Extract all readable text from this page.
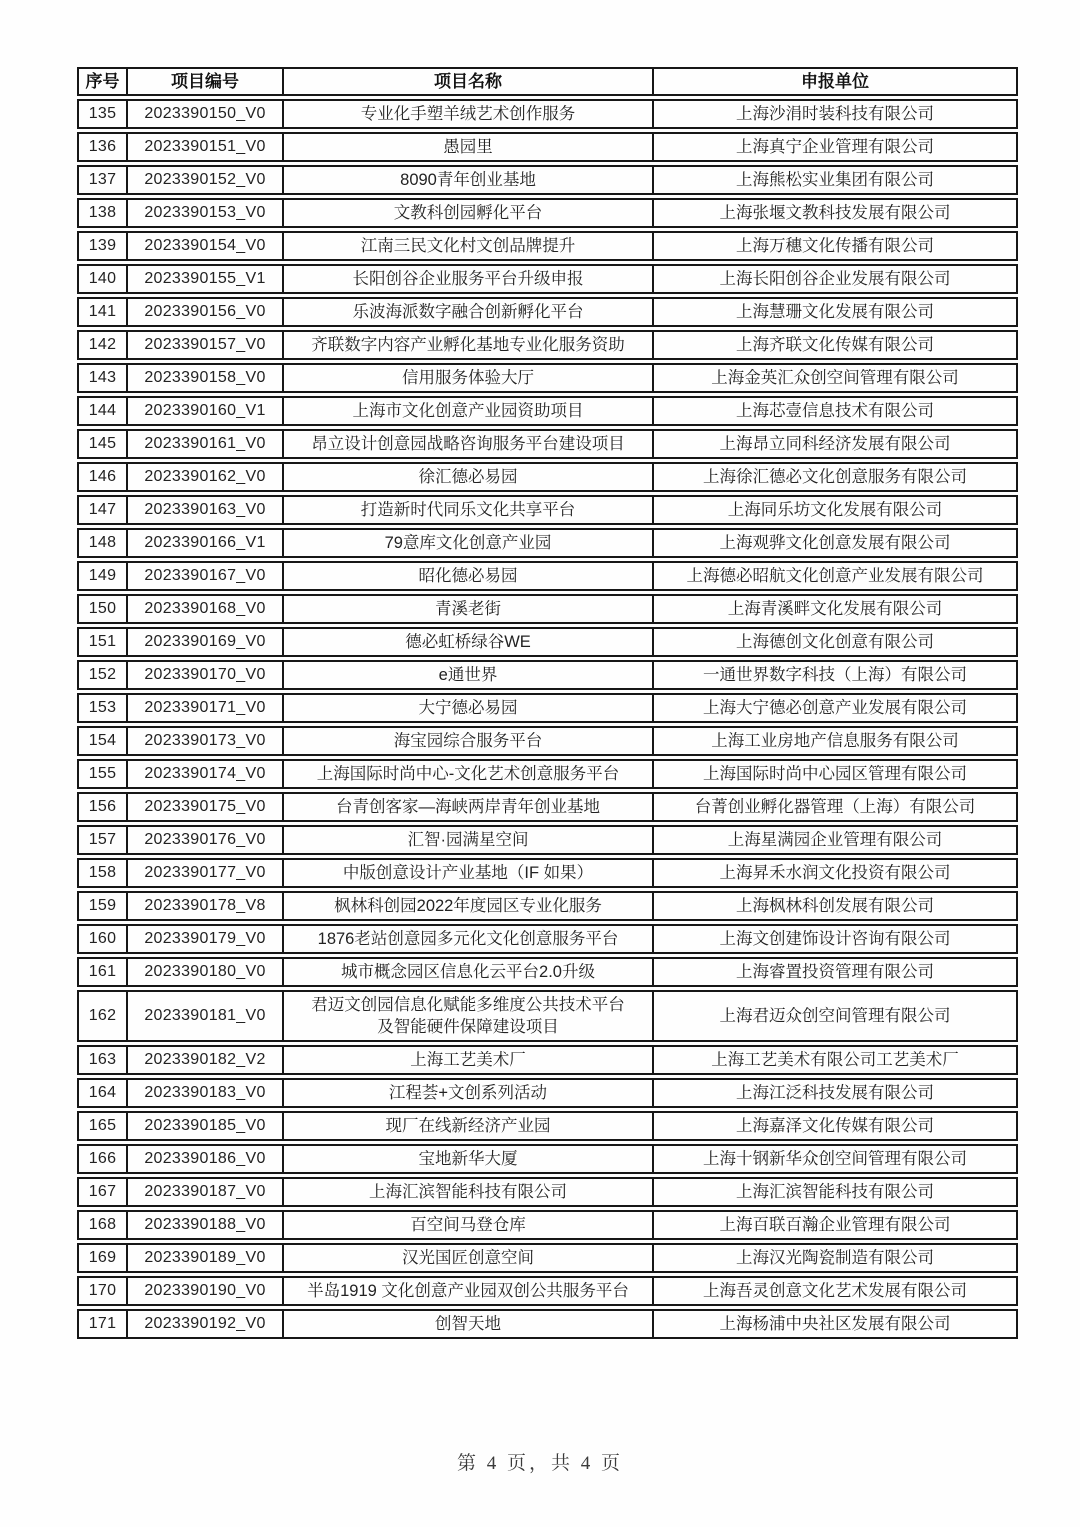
序号	项目编号	项目名称	申报单位
135	2023390150_V0	专业化手塑羊绒艺术创作服务	上海沙涓时装科技有限公司
136	2023390151_V0	愚园里	上海真宁企业管理有限公司
137	2023390152_V0	8090青年创业基地	上海熊松实业集团有限公司
138	2023390153_V0	文教科创园孵化平台	上海张堰文教科技发展有限公司
139	2023390154_V0	江南三民文化村文创品牌提升	上海万穗文化传播有限公司
140	2023390155_V1	长阳创谷企业服务平台升级申报	上海长阳创谷企业发展有限公司
141	2023390156_V0	乐波海派数字融合创新孵化平台	上海慧珊文化发展有限公司
142	2023390157_V0	齐联数字内容产业孵化基地专业化服务资助	上海齐联文化传媒有限公司
143	2023390158_V0	信用服务体验大厅	上海金英汇众创空间管理有限公司
144	2023390160_V1	上海市文化创意产业园资助项目	上海芯壹信息技术有限公司
145	2023390161_V0	昂立设计创意园战略咨询服务平台建设项目	上海昂立同科经济发展有限公司
146	2023390162_V0	徐汇德必易园	上海徐汇德必文化创意服务有限公司
147	2023390163_V0	打造新时代同乐文化共享平台	上海同乐坊文化发展有限公司
148	2023390166_V1	79意库文化创意产业园	上海观骅文化创意发展有限公司
149	2023390167_V0	昭化德必易园	上海德必昭航文化创意产业发展有限公司
150	2023390168_V0	青溪老街	上海青溪畔文化发展有限公司
151	2023390169_V0	德必虹桥绿谷WE	上海德创文化创意有限公司
152	2023390170_V0	e通世界	一通世界数字科技（上海）有限公司
153	2023390171_V0	大宁德必易园	上海大宁德必创意产业发展有限公司
154	2023390173_V0	海宝园综合服务平台	上海工业房地产信息服务有限公司
155	2023390174_V0	上海国际时尚中心-文化艺术创意服务平台	上海国际时尚中心园区管理有限公司
156	2023390175_V0	台青创客家—海峡两岸青年创业基地	台菁创业孵化器管理（上海）有限公司
157	2023390176_V0	汇智·园满星空间	上海星满园企业管理有限公司
158	2023390177_V0	中版创意设计产业基地（IF 如果）	上海昇禾水润文化投资有限公司
159	2023390178_V8	枫林科创园2022年度园区专业化服务	上海枫林科创发展有限公司
160	2023390179_V0	1876老站创意园多元化文化创意服务平台	上海文创建饰设计咨询有限公司
161	2023390180_V0	城市概念园区信息化云平台2.0升级	上海睿置投资管理有限公司
162	2023390181_V0	君迈文创园信息化赋能多维度公共技术平台
及智能硬件保障建设项目	上海君迈众创空间管理有限公司
163	2023390182_V2	上海工艺美术厂	上海工艺美术有限公司工艺美术厂
164	2023390183_V0	江程荟+文创系列活动	上海江泛科技发展有限公司
165	2023390185_V0	现厂在线新经济产业园	上海嘉泽文化传媒有限公司
166	2023390186_V0	宝地新华大厦	上海十钢新华众创空间管理有限公司
167	2023390187_V0	上海汇滨智能科技有限公司	上海汇滨智能科技有限公司
168	2023390188_V0	百空间马登仓库	上海百联百瀚企业管理有限公司
169	2023390189_V0	汉光国匠创意空间	上海汉光陶瓷制造有限公司
170	2023390190_V0	半岛1919 文化创意产业园双创公共服务平台	上海吾灵创意文化艺术发展有限公司
171	2023390192_V0	创智天地	上海杨浦中央社区发展有限公司
第 4 页，共 4 页
